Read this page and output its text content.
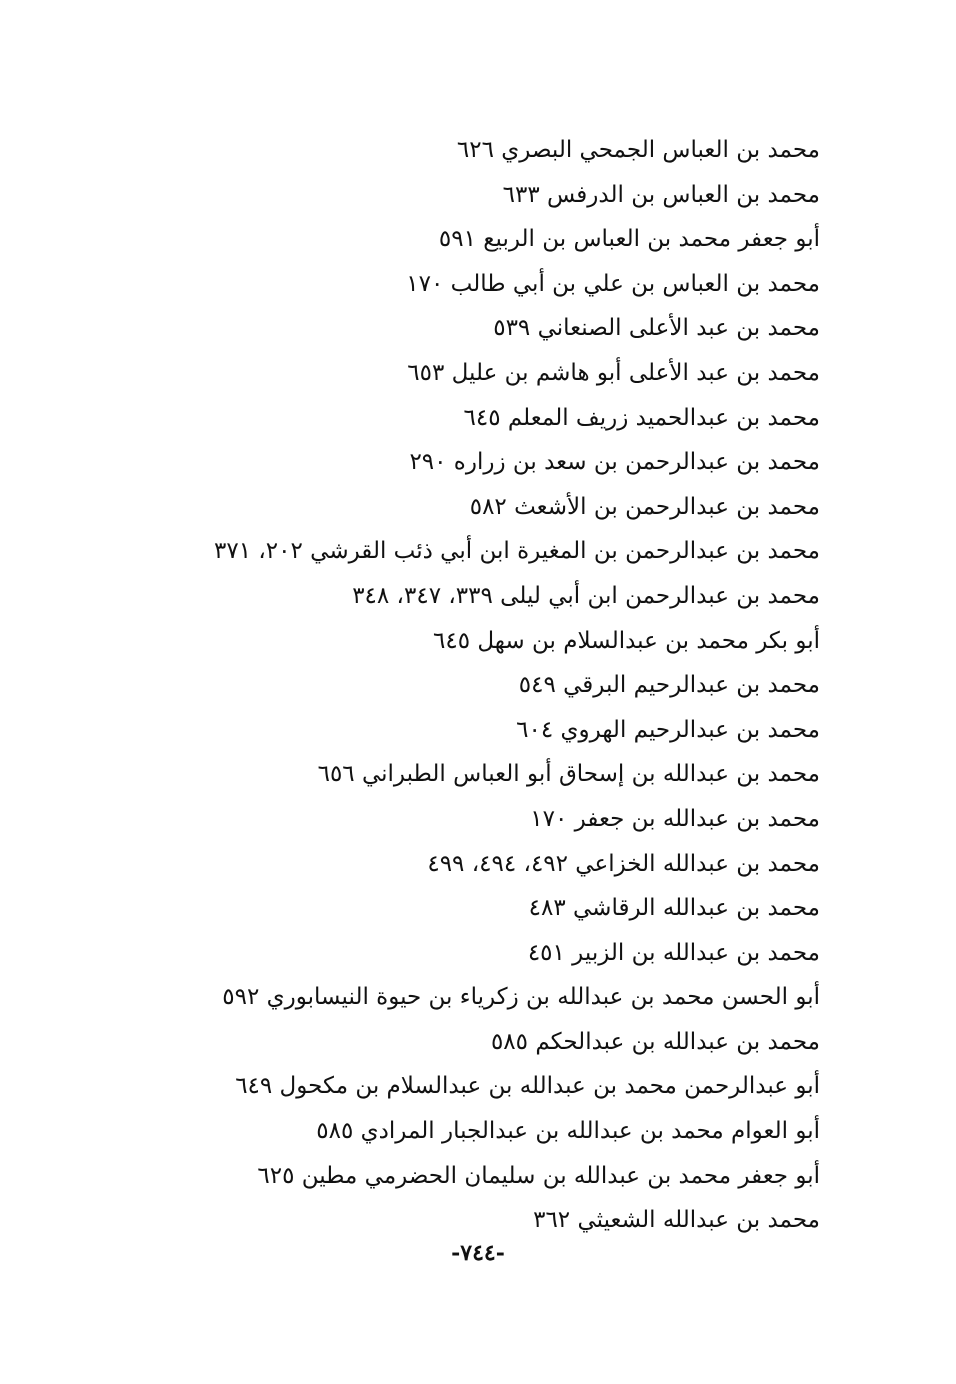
محمد بن العباس الجمحي البصري ٦٢٦
محمد بن العباس بن الدرفس ٦٣٣
أبو جعفر محمد بن العباس بن الربيع ٥٩١
محمد بن العباس بن علي بن أبي طالب ١٧٠
محمد بن عبد الأعلى الصنعاني ٥٣٩
محمد بن عبد الأعلى أبو هاشم بن عليل ٦٥٣
محمد بن عبدالحميد زريف المعلم ٦٤٥
محمد بن عبدالرحمن بن سعد بن زراره ٢٩٠
محمد بن عبدالرحمن بن الأشعث ٥٨٢
محمد بن عبدالرحمن بن المغيرة ابن أبي ذئب القرشي ٢٠٢، ٣٧١
محمد بن عبدالرحمن ابن أبي ليلى ٣٣٩، ٣٤٧، ٣٤٨
أبو بكر محمد بن عبدالسلام بن سهل ٦٤٥
محمد بن عبدالرحيم البرقي ٥٤٩
محمد بن عبدالرحيم الهروي ٦٠٤
محمد بن عبدالله بن إسحاق أبو العباس الطبراني ٦٥٦
محمد بن عبدالله بن جعفر ١٧٠
محمد بن عبدالله الخزاعي ٤٩٢، ٤٩٤، ٤٩٩
محمد بن عبدالله الرقاشي ٤٨٣
محمد بن عبدالله بن الزبير ٤٥١
أبو الحسن محمد بن عبدالله بن زكرياء بن حيوة النيسابوري ٥٩٢
محمد بن عبدالله بن عبدالحكم ٥٨٥
أبو عبدالرحمن محمد بن عبدالله بن عبدالسلام بن مكحول ٦٤٩
أبو العوام محمد بن عبدالله بن عبدالجبار المرادي ٥٨٥
أبو جعفر محمد بن عبدالله بن سليمان الحضرمي مطين ٦٢٥
محمد بن عبدالله الشعيثي ٣٦٢
-٧٤٤-
